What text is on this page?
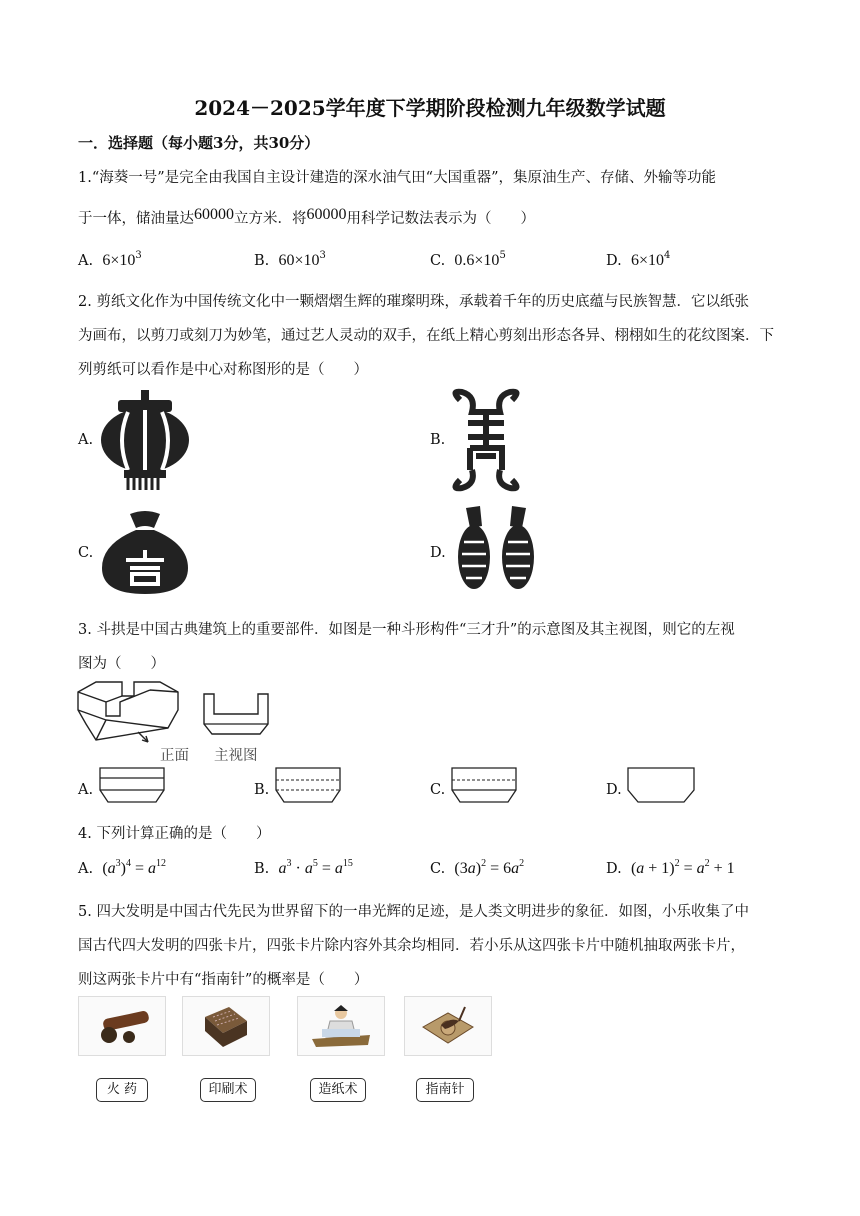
2024－2025学年度下学期阶段检测九年级数学试题
一．选择题（每小题3分，共30分）
1.“海葵一号”是完全由我国自主设计建造的深水油气田“大国重器”，集原油生产、存储、外输等功能
于一体，储油量达60000立方米．将60000用科学记数法表示为（　　）
A. $6\times 10^3$	B. $60\times 10^3$	C. $0.6\times 10^5$	D. $6\times 10^4$
2. 剪纸文化作为中国传统文化中一颗熠熠生辉的璀璨明珠，承载着千年的历史底蕴与民族智慧．它以纸张
为画布，以剪刀或刻刀为妙笔，通过艺人灵动的双手，在纸上精心剪刻出形态各异、栩栩如生的花纹图案．下
列剪纸可以看作是中心对称图形的是（　　）
A.	B.
C.	D.
3. 斗拱是中国古典建筑上的重要部件．如图是一种斗形构件“三才升”的示意图及其主视图，则它的左视
图为（　　）
正面 主视图
A.	B.	C.	D.
4. 下列计算正确的是（　　）
A. $(a^3)^4 = a^{12}$	B. $a^3 \cdot a^5 = a^{15}$	C. $(3a)^2 = 6a^2$	D. $(a + 1)^2 = a^2 + 1$
5. 四大发明是中国古代先民为世界留下的一串光辉的足迹，是人类文明进步的象征．如图，小乐收集了中
国古代四大发明的四张卡片，四张卡片除内容外其余均相同．若小乐从这四张卡片中随机抽取两张卡片，
则这两张卡片中有“指南针”的概率是（　　）
火 药	印刷术	造纸术	指南针
